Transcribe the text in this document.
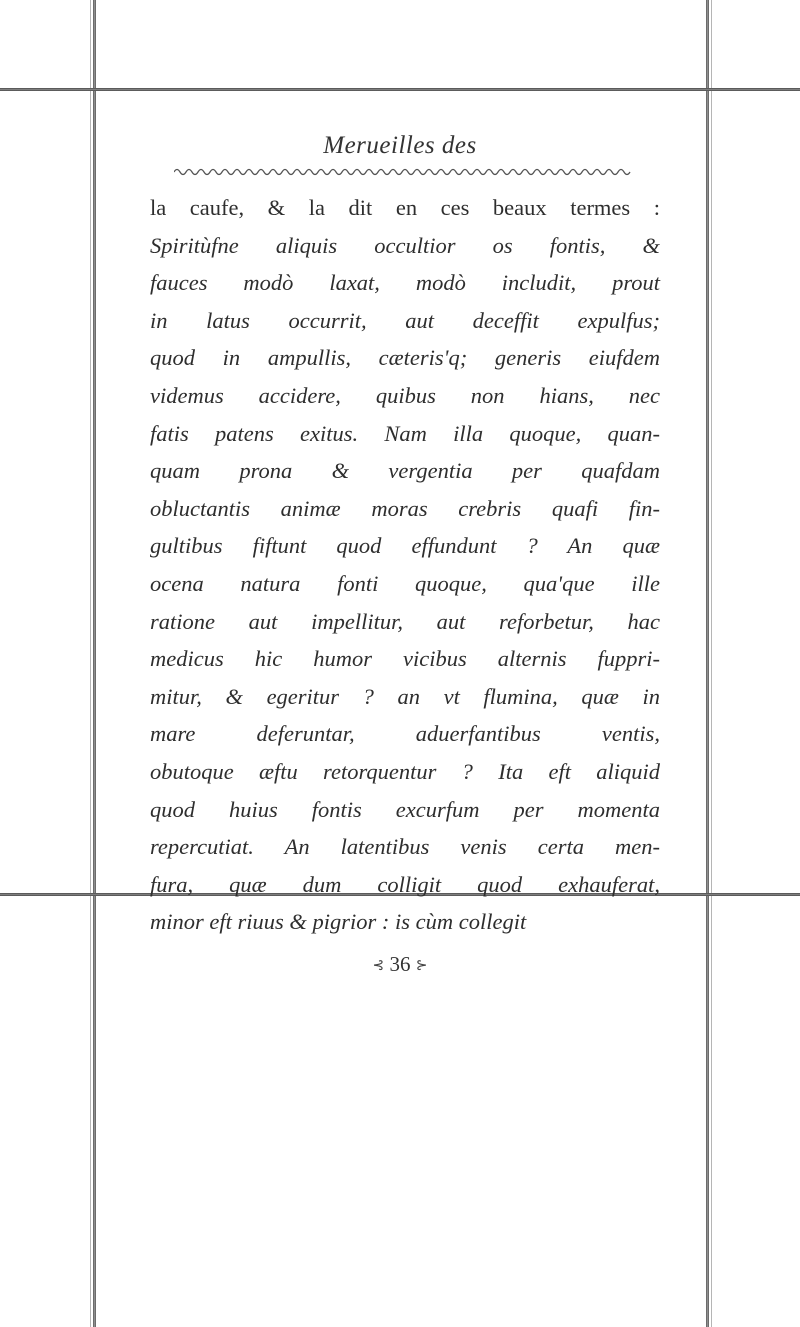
Merueilles des
la caufe, & la dit en ces beaux termes :
Spiritùfne aliquis occultior os fontis, &
fauces modò laxat, modò includit, prout
in latus occurrit, aut deceffit expulfus;
quod in ampullis, cæteris'q; generis eiufdem
videmus accidere, quibus non hians, nec
fatis patens exitus. Nam illa quoque, quan-
quam prona & vergentia per quafdam
obluctantis animæ moras crebris quafi fin-
gultibus fiftunt quod effundunt ? An quæ
ocena natura fonti quoque, qua'que ille
ratione aut impellitur, aut reforbetur, hac
medicus hic humor vicibus alternis fuppri-
mitur, & egeritur ? an vt flumina, quæ in
mare deferuntar, aduerfantibus ventis,
obutoque æftu retorquentur ? Ita eft aliquid
quod huius fontis excurfum per momenta
repercutiat. An latentibus venis certa men-
fura, quæ dum colligit quod exhauferat,
minor eft riuus & pigrior : is cùm collegit
⊰ 36 ⊱
